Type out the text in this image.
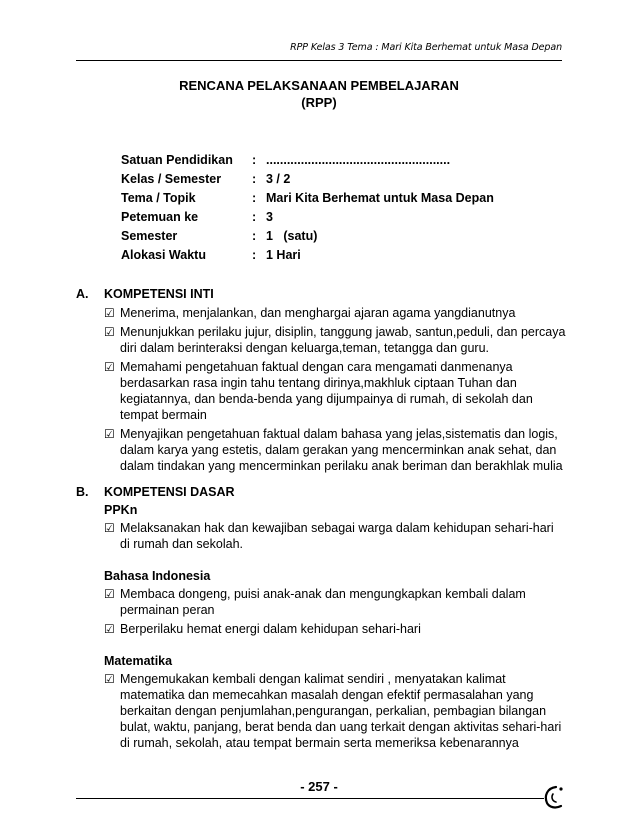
RPP Kelas 3 Tema : Mari Kita Berhemat untuk Masa Depan
RENCANA PELAKSANAAN PEMBELAJARAN
(RPP)
Satuan Pendidikan	: .....................................................
Kelas / Semester	: 3 / 2
Tema / Topik	: Mari Kita Berhemat untuk Masa Depan
Petemuan ke	: 3
Semester	: 1   (satu)
Alokasi Waktu	: 1 Hari
A.	KOMPETENSI INTI
☑ Menerima, menjalankan, dan menghargai ajaran agama yangdianutnya
☑ Menunjukkan perilaku jujur, disiplin, tanggung jawab, santun,peduli, dan percaya diri dalam berinteraksi dengan keluarga,teman, tetangga dan guru.
☑ Memahami pengetahuan faktual dengan cara mengamati danmenanya berdasarkan rasa ingin tahu tentang dirinya,makhluk ciptaan Tuhan dan kegiatannya, dan benda-benda yang dijumpainya di rumah, di sekolah dan tempat bermain
☑ Menyajikan pengetahuan faktual dalam bahasa yang jelas,sistematis dan logis, dalam karya yang estetis, dalam gerakan yang mencerminkan anak sehat, dan dalam tindakan yang mencerminkan perilaku anak beriman dan berakhlak mulia
B.	KOMPETENSI DASAR
PPKn
☑ Melaksanakan hak dan kewajiban sebagai warga dalam kehidupan sehari-hari di rumah dan sekolah.
Bahasa Indonesia
☑ Membaca dongeng, puisi anak-anak dan mengungkapkan kembali dalam permainan peran
☑ Berperilaku hemat energi dalam kehidupan sehari-hari
Matematika
☑ Mengemukakan kembali dengan kalimat sendiri , menyatakan kalimat matematika dan memecahkan masalah dengan efektif permasalahan yang berkaitan dengan penjumlahan,pengurangan, perkalian, pembagian bilangan bulat, waktu, panjang, berat benda dan uang terkait dengan aktivitas sehari-hari di rumah, sekolah, atau tempat bermain serta memeriksa kebenarannya
- 257 -
